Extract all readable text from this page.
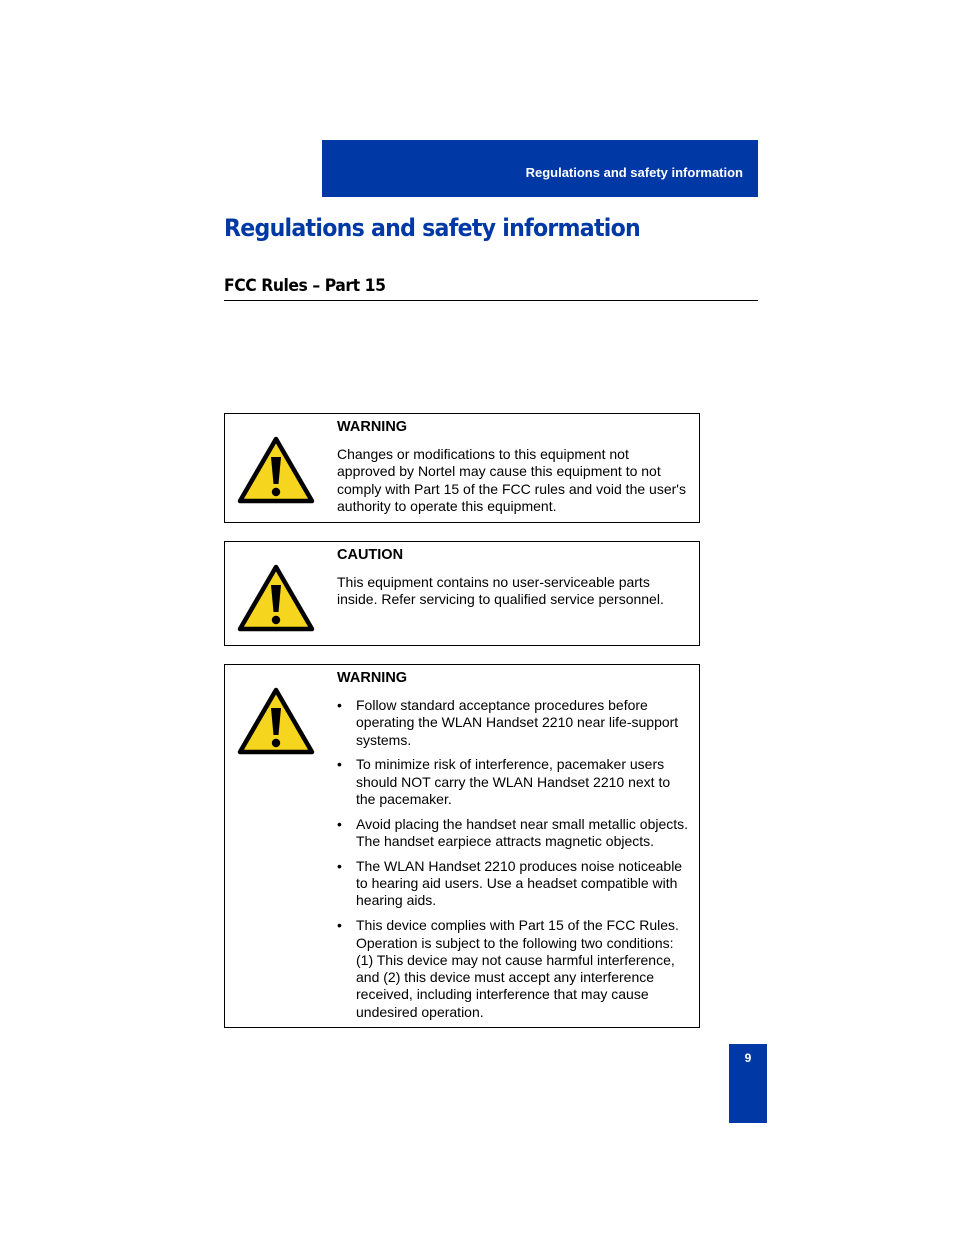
Regulations and safety information
Regulations and safety information
FCC Rules – Part 15
WARNING
Changes or modifications to this equipment not approved by Nortel may cause this equipment to not comply with Part 15 of the FCC rules and void the user's authority to operate this equipment.
CAUTION
This equipment contains no user-serviceable parts inside. Refer servicing to qualified service personnel.
WARNING
• Follow standard acceptance procedures before operating the WLAN Handset 2210 near life-support systems.
• To minimize risk of interference, pacemaker users should NOT carry the WLAN Handset 2210 next to the pacemaker.
• Avoid placing the handset near small metallic objects. The handset earpiece attracts magnetic objects.
• The WLAN Handset 2210 produces noise noticeable to hearing aid users. Use a headset compatible with hearing aids.
• This device complies with Part 15 of the FCC Rules. Operation is subject to the following two conditions: (1) This device may not cause harmful interference, and (2) this device must accept any interference received, including interference that may cause undesired operation.
9
